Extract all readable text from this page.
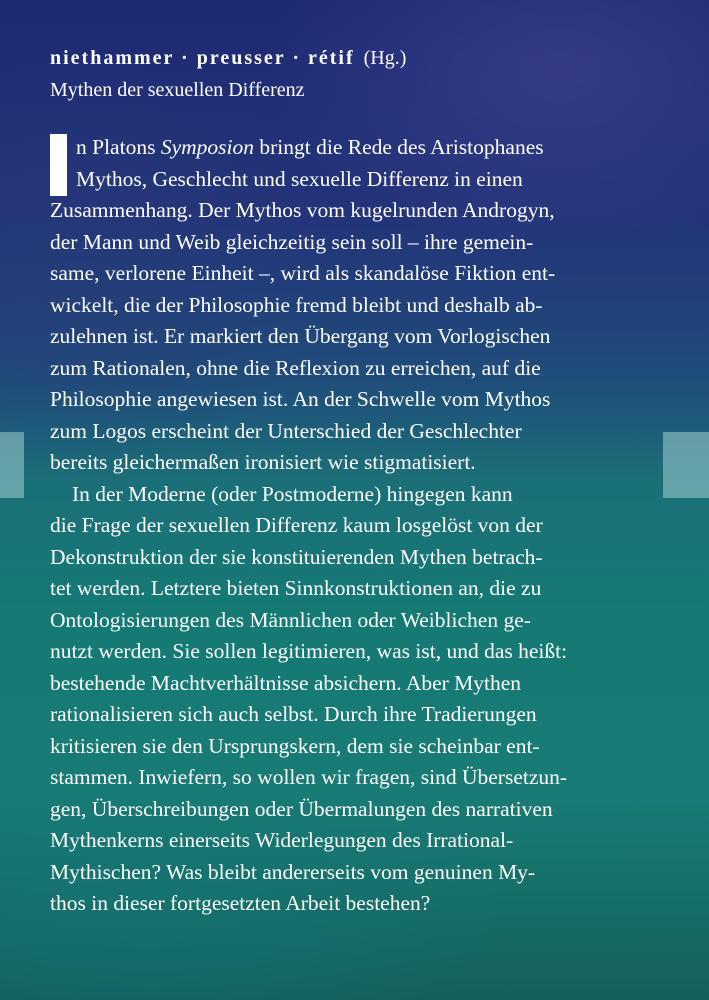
niethammer · preusser · rétif (Hg.)
Mythen der sexuellen Differenz
n Platons Symposion bringt die Rede des Aristophanes
Mythos, Geschlecht und sexuelle Differenz in einen
Zusammenhang. Der Mythos vom kugelrunden Androgyn,
der Mann und Weib gleichzeitig sein soll – ihre gemein-
same, verlorene Einheit –, wird als skandalöse Fiktion ent-
wickelt, die der Philosophie fremd bleibt und deshalb ab-
zulehnen ist. Er markiert den Übergang vom Vorlogischen
zum Rationalen, ohne die Reflexion zu erreichen, auf die
Philosophie angewiesen ist. An der Schwelle vom Mythos
zum Logos erscheint der Unterschied der Geschlechter
bereits gleichermaßen ironisiert wie stigmatisiert.
In der Moderne (oder Postmoderne) hingegen kann
die Frage der sexuellen Differenz kaum losgelöst von der
Dekonstruktion der sie konstituierenden Mythen betrach-
tet werden. Letztere bieten Sinnkonstruktionen an, die zu
Ontologisierungen des Männlichen oder Weiblichen ge-
nutzt werden. Sie sollen legitimieren, was ist, und das heißt:
bestehende Machtverhältnisse absichern. Aber Mythen
rationalisieren sich auch selbst. Durch ihre Tradierungen
kritisieren sie den Ursprungskern, dem sie scheinbar ent-
stammen. Inwiefern, so wollen wir fragen, sind Übersetzun-
gen, Überschreibungen oder Übermalungen des narrativen
Mythenkerns einerseits Widerlegungen des Irrational-
Mythischen? Was bleibt andererseits vom genuinen My-
thos in dieser fortgesetzten Arbeit bestehen?
